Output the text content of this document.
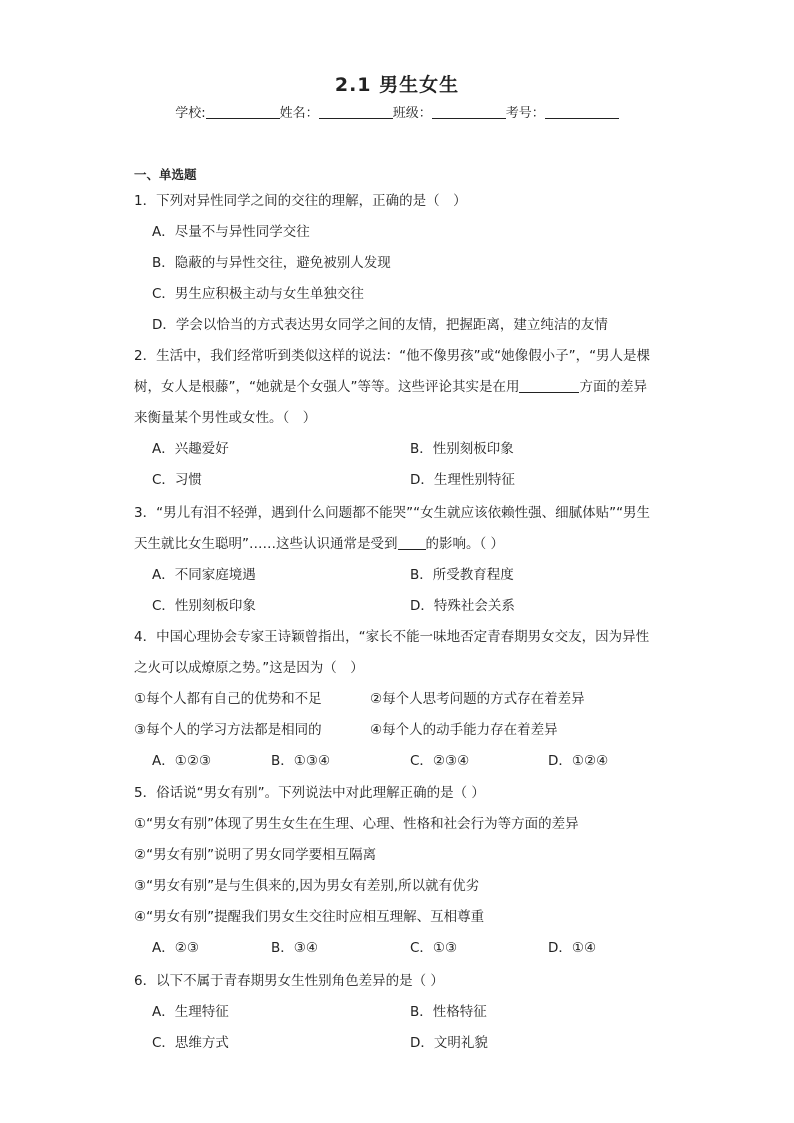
2.1 男生女生
学校:	姓名：	班级：	考号：
一、单选题
1．下列对异性同学之间的交往的理解，正确的是（　）
A．尽量不与异性同学交往
B．隐蔽的与异性交往，避免被别人发现
C．男生应积极主动与女生单独交往
D．学会以恰当的方式表达男女同学之间的友情，把握距离，建立纯洁的友情
2．生活中，我们经常听到类似这样的说法：“他不像男孩”或“她像假小子”，“男人是棵
树，女人是根藤”，“她就是个女强人”等等。这些评论其实是在用	方面的差异
来衡量某个男性或女性。（　）
A．兴趣爱好	B．性别刻板印象
C．习惯	D．生理性别特征
3．“男儿有泪不轻弹，遇到什么问题都不能哭”“女生就应该依赖性强、细腻体贴”“男生
天生就比女生聪明”……这些认识通常是受到 的影响。（ ）
A．不同家庭境遇	B．所受教育程度
C．性别刻板印象	D．特殊社会关系
4．中国心理协会专家王诗颖曾指出，“家长不能一味地否定青春期男女交友，因为异性
之火可以成燎原之势。”这是因为（　）
①每个人都有自己的优势和不足	②每个人思考问题的方式存在着差异
③每个人的学习方法都是相同的	④每个人的动手能力存在着差异
A．①②③	B．①③④	C．②③④	D．①②④
5．俗话说“男女有别”。下列说法中对此理解正确的是（ ）
①“男女有别”体现了男生女生在生理、心理、性格和社会行为等方面的差异
②“男女有别”说明了男女同学要相互隔离
③“男女有别”是与生俱来的,因为男女有差别,所以就有优劣
④“男女有别”提醒我们男女生交往时应相互理解、互相尊重
A．②③	B．③④	C．①③	D．①④
6．以下不属于青春期男女生性别角色差异的是（ ）
A．生理特征	B．性格特征
C．思维方式	D．文明礼貌
